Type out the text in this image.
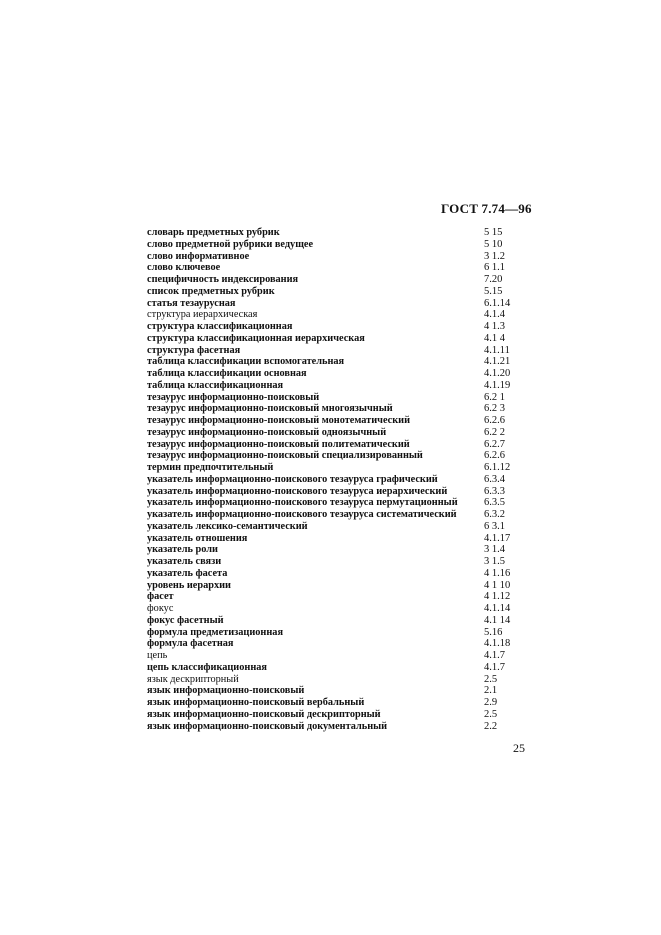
ГОСТ 7.74—96
словарь предметных рубрик	5 15
слово предметной рубрики ведущее	5 10
слово информативное	3 1.2
слово ключевое	6 1.1
специфичность индексирования	7.20
список предметных рубрик	5.15
статья тезаурусная	6.1.14
структура иерархическая	4.1.4
структура классификационная	4 1.3
структура классификационная иерархическая	4.1 4
структура фасетная	4.1.11
таблица классификации вспомогательная	4.1.21
таблица классификации основная	4.1.20
таблица классификационная	4.1.19
тезаурус информационно-поисковый	6.2 1
тезаурус информационно-поисковый многоязычный	6.2 3
тезаурус информационно-поисковый монотематический	6.2.6
тезаурус информационно-поисковый одноязычный	6.2 2
тезаурус информационно-поисковый политематический	6.2.7
тезаурус информационно-поисковый специализированный	6.2.6
термин предпочтительный	6.1.12
указатель информационно-поискового тезауруса графический	6.3.4
указатель информационно-поискового тезауруса иерархический	6.3.3
указатель информационно-поискового тезауруса пермутационный	6.3.5
указатель информационно-поискового тезауруса систематический	6.3.2
указатель лексико-семантический	6 3.1
указатель отношения	4.1.17
указатель роли	3 1.4
указатель связи	3 1.5
указатель фасета	4 1.16
уровень иерархии	4 1 10
фасет	4 1.12
фокус	4.1.14
фокус фасетный	4.1 14
формула предметизационная	5.16
формула фасетная	4.1.18
цепь	4.1.7
цепь классификационная	4.1.7
язык дескрипторный	2.5
язык информационно-поисковый	2.1
язык информационно-поисковый вербальный	2.9
язык информационно-поисковый дескрипторный	2.5
язык информационно-поисковый документальный	2.2
25
